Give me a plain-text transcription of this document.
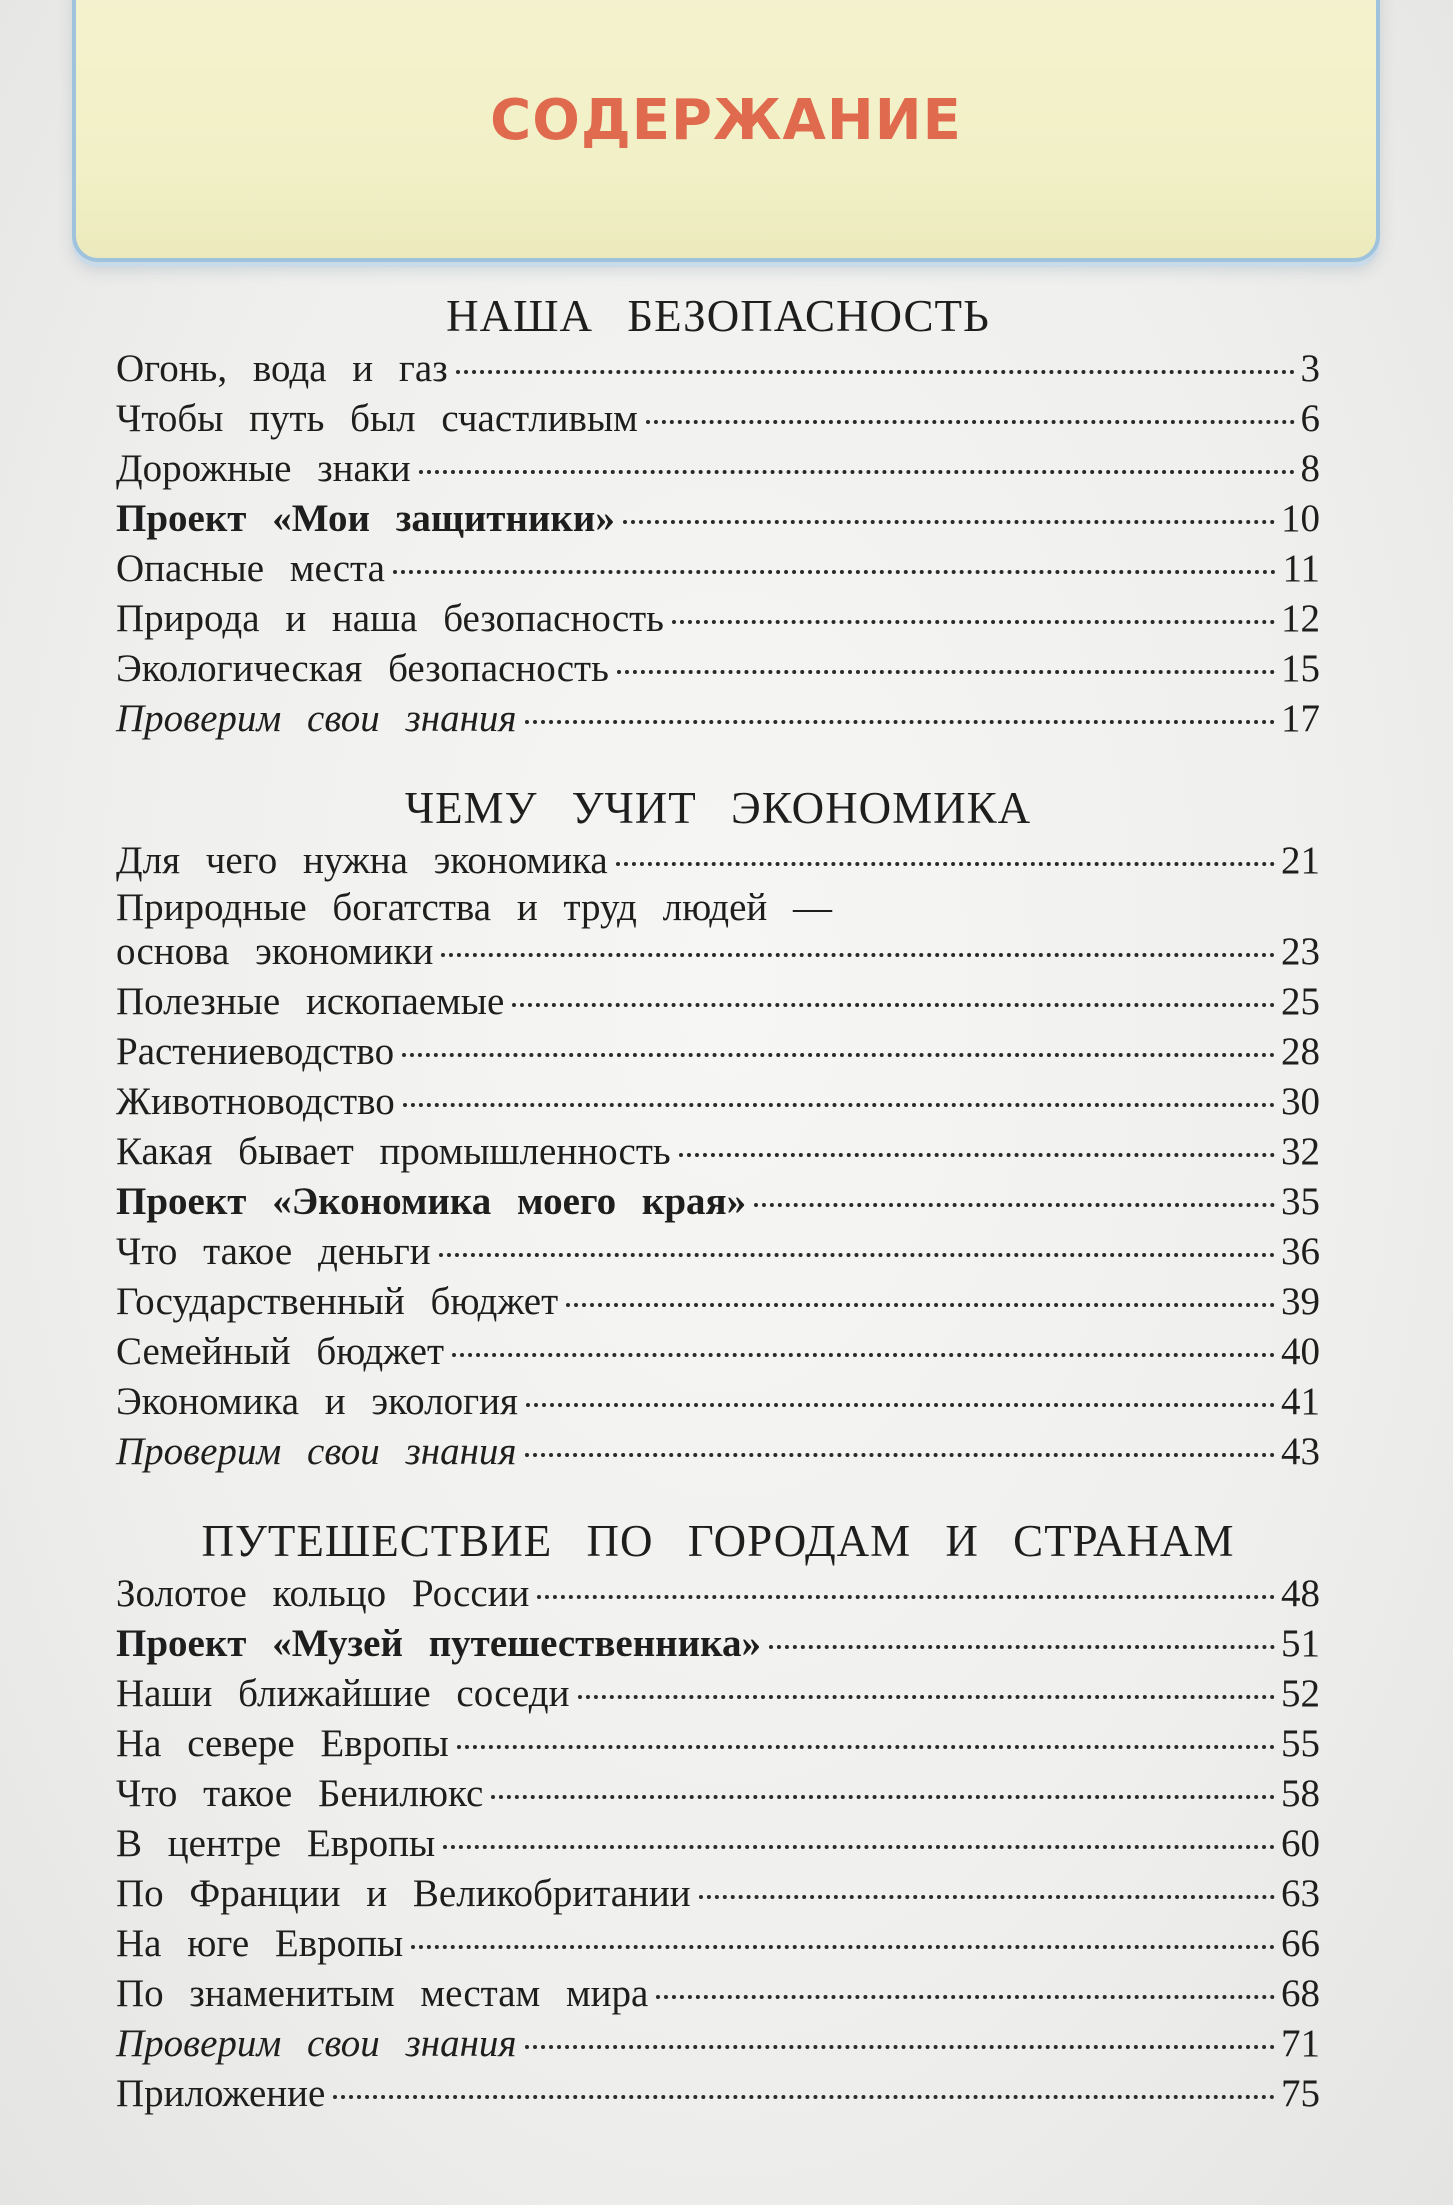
СОДЕРЖАНИЕ
НАША БЕЗОПАСНОСТЬ
Огонь, вода и газ	3
Чтобы путь был счастливым	6
Дорожные знаки	8
Проект «Мои защитники»	10
Опасные места	11
Природа и наша безопасность	12
Экологическая безопасность	15
Проверим свои знания	17
ЧЕМУ УЧИТ ЭКОНОМИКА
Для чего нужна экономика	21
Природные богатства и труд людей —
основа экономики	23
Полезные ископаемые	25
Растениеводство	28
Животноводство	30
Какая бывает промышленность	32
Проект «Экономика моего края»	35
Что такое деньги	36
Государственный бюджет	39
Семейный бюджет	40
Экономика и экология	41
Проверим свои знания	43
ПУТЕШЕСТВИЕ ПО ГОРОДАМ И СТРАНАМ
Золотое кольцо России	48
Проект «Музей путешественника»	51
Наши ближайшие соседи	52
На севере Европы	55
Что такое Бенилюкс	58
В центре Европы	60
По Франции и Великобритании	63
На юге Европы	66
По знаменитым местам мира	68
Проверим свои знания	71
Приложение	75
